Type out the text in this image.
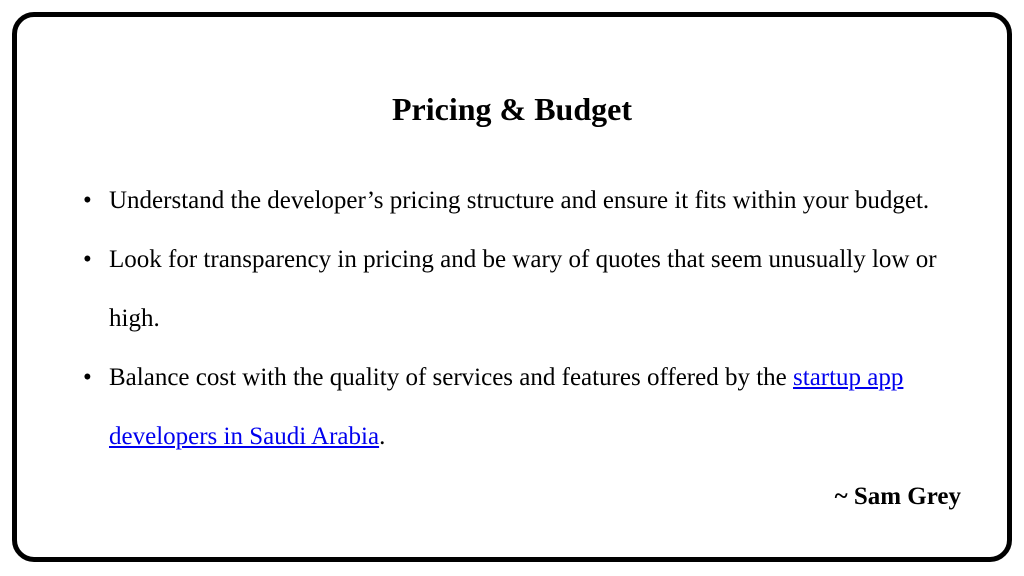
Pricing & Budget
• Understand the developer’s pricing structure and ensure it fits within your budget.
• Look for transparency in pricing and be wary of quotes that seem unusually low or high.
• Balance cost with the quality of services and features offered by the startup app developers in Saudi Arabia.
~ Sam Grey
